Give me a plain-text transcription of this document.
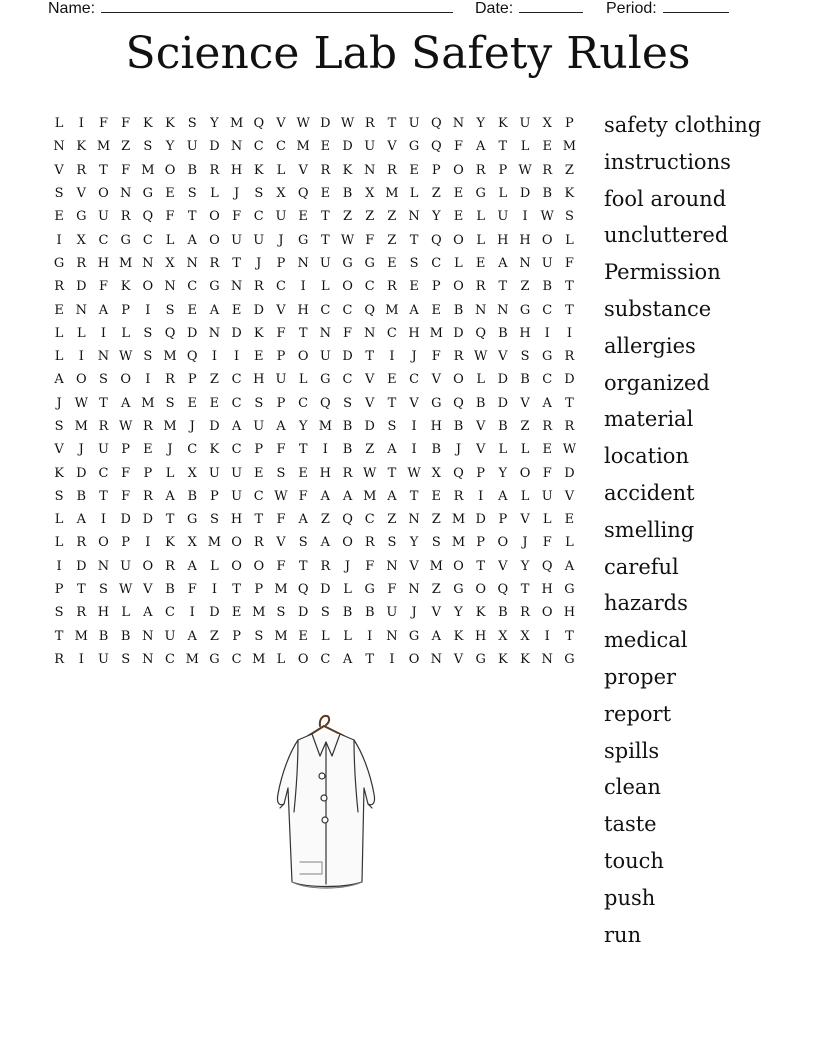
Name:	Date:	Period:
Science Lab Safety Rules
L	I	F	F K K S	Y M Q V W D W R T U Q N Y	K U X	P
N K M Z	S	Y U D N C C M E D U V G Q F A	T	L	E M
V R T	F M O B R H K	L	V R K N R E	P O R P W R Z
S	V O N G E S	L	J	S	X Q E B X M L	Z E G L D B K
E G U R Q F	T O F C U E	T	Z	Z	Z N Y	E	L U	I W S
I	X C G C L	A O U U	J	G T W F	Z	T Q O L H H O L
G R H M N X N R T	J	P N U G G E S C L	E A N U F
R D F K O N C G N R C	I	L O C R E	P O R T	Z B	T
E N A	P	I	S E A E D V H C C Q M A E B N N G C T
L	L	I	L	S Q D N D K F	T N F N C H M D Q B H	I	I
L	I	N W S M Q	I	I	E	P O U D T	I	J	F R W V	S G R
A O S O	I	R P	Z C H U L G C V E C V O L D B C D
J W T	A M S E E C S	P C Q S	V	T	V G Q B D V A	T
S M R W R M J	D A U A	Y M B D S	I	H B V B Z R R
V	J	U P	E	J	C K C P	F	T	I	B Z A	I	B	J	V	L	L	E W
K D C F	P	L	X U U E S E H R W T W X Q P	Y O F D
S B	T	F R A B	P U C W F A A M A	T	E R	I	A	L U V
L	A	I	D D T G S H T	F A Z Q C Z N Z M D P	V	L	E
L R O P	I	K X M O R V	S	A O R S	Y	S M P O	J	F	L
I	D N U O R A	L O O F	T R	J	F N V M O T	V	Y Q A
P	T	S W V B F	I	T	P M Q D L G F N Z G O Q T H G
S R H L	A C	I	D E M S D S B B U	J	V	Y	K B R O H
T M B B N U A Z	P	S M E	L	L	I	N G A K H X X	I	T
R	I	U S N C M G C M L O C A	T	I	O N V G K K N G
safety clothing
instructions
fool around
uncluttered
Permission
substance
allergies
organized
material
location
accident
smelling
careful
hazards
medical
proper
report
spills
clean
taste
touch
push
run
